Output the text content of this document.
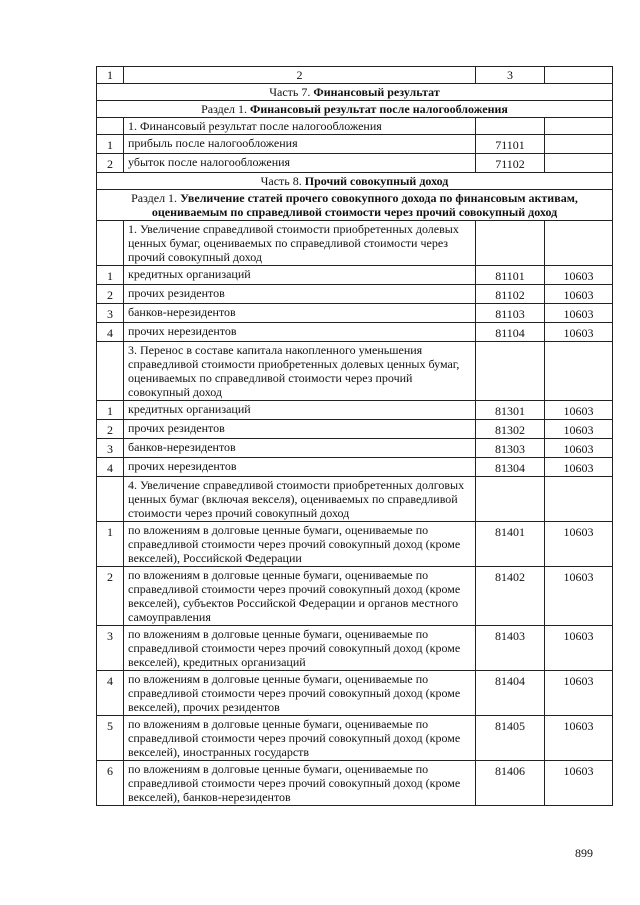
1	2	3	
Часть 7. Финансовый результат			
Раздел 1. Финансовый результат после налогообложения			
	1. Финансовый результат после налогообложения		
1	прибыль после налогообложения	71101	
2	убыток после налогообложения	71102	
Часть 8. Прочий совокупный доход			
Раздел 1. Увеличение статей прочего совокупного дохода по финансовым активам, оцениваемым по справедливой стоимости через прочий совокупный доход			
	1. Увеличение справедливой стоимости приобретенных долевых ценных бумаг, оцениваемых по справедливой стоимости через прочий совокупный доход		
1	кредитных организаций	81101	10603
2	прочих резидентов	81102	10603
3	банков-нерезидентов	81103	10603
4	прочих нерезидентов	81104	10603
	3. Перенос в составе капитала накопленного уменьшения справедливой стоимости приобретенных долевых ценных бумаг, оцениваемых по справедливой стоимости через прочий совокупный доход		
1	кредитных организаций	81301	10603
2	прочих резидентов	81302	10603
3	банков-нерезидентов	81303	10603
4	прочих нерезидентов	81304	10603
	4. Увеличение справедливой стоимости приобретенных долговых ценных бумаг (включая векселя), оцениваемых по справедливой стоимости через прочий совокупный доход		
1	по вложениям в долговые ценные бумаги, оцениваемые по справедливой стоимости через прочий совокупный доход (кроме векселей), Российской Федерации	81401	10603
2	по вложениям в долговые ценные бумаги, оцениваемые по справедливой стоимости через прочий совокупный доход (кроме векселей), субъектов Российской Федерации и органов местного самоуправления	81402	10603
3	по вложениям в долговые ценные бумаги, оцениваемые по справедливой стоимости через прочий совокупный доход (кроме векселей), кредитных организаций	81403	10603
4	по вложениям в долговые ценные бумаги, оцениваемые по справедливой стоимости через прочий совокупный доход (кроме векселей), прочих резидентов	81404	10603
5	по вложениям в долговые ценные бумаги, оцениваемые по справедливой стоимости через прочий совокупный доход (кроме векселей), иностранных государств	81405	10603
6	по вложениям в долговые ценные бумаги, оцениваемые по справедливой стоимости через прочий совокупный доход (кроме векселей), банков-нерезидентов	81406	10603
899
